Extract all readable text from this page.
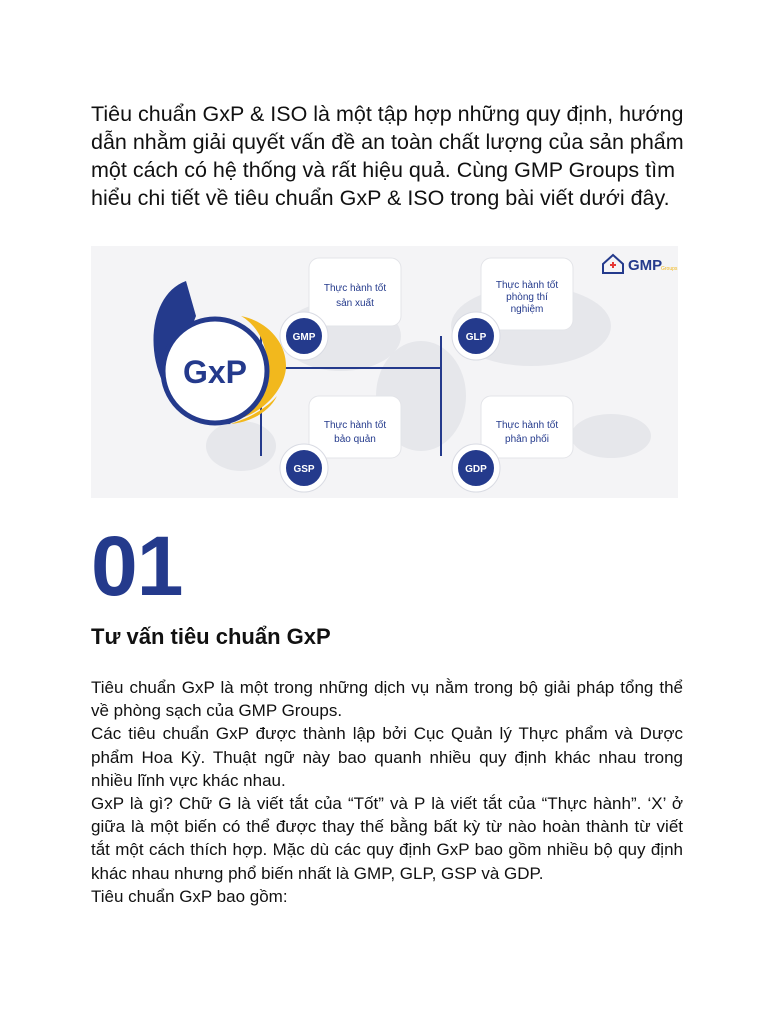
Tiêu chuẩn GxP & ISO là một tập hợp những quy định, hướng dẫn nhằm giải quyết vấn đề an toàn chất lượng của sản phẩm một cách có hệ thống và rất hiệu quả. Cùng GMP Groups tìm hiểu chi tiết về tiêu chuẩn GxP & ISO trong bài viết dưới đây.

GMP
Groups
GxP
Thực hành tốt
sản xuất
GMP
Thực hành tốt
phòng thí
nghiệm
GLP
Thực hành tốt
bảo quản
GSP
Thực hành tốt
phân phối
GDP
01
Tư vấn tiêu chuẩn GxP

Tiêu chuẩn GxP là một trong những dịch vụ nằm trong bộ giải pháp tổng thể về phòng sạch của GMP Groups.

Các tiêu chuẩn GxP được thành lập bởi Cục Quản lý Thực phẩm và Dược phẩm Hoa Kỳ. Thuật ngữ này bao quanh nhiều quy định khác nhau trong nhiều lĩnh vực khác nhau.

GxP là gì? Chữ G là viết tắt của “Tốt” và P là viết tắt của “Thực hành”. ‘X’ ở giữa là một biến có thể được thay thế bằng bất kỳ từ nào hoàn thành từ viết tắt một cách thích hợp. Mặc dù các quy định GxP bao gồm nhiều bộ quy định khác nhau nhưng phổ biến nhất là GMP, GLP, GSP và GDP.

Tiêu chuẩn GxP bao gồm:
